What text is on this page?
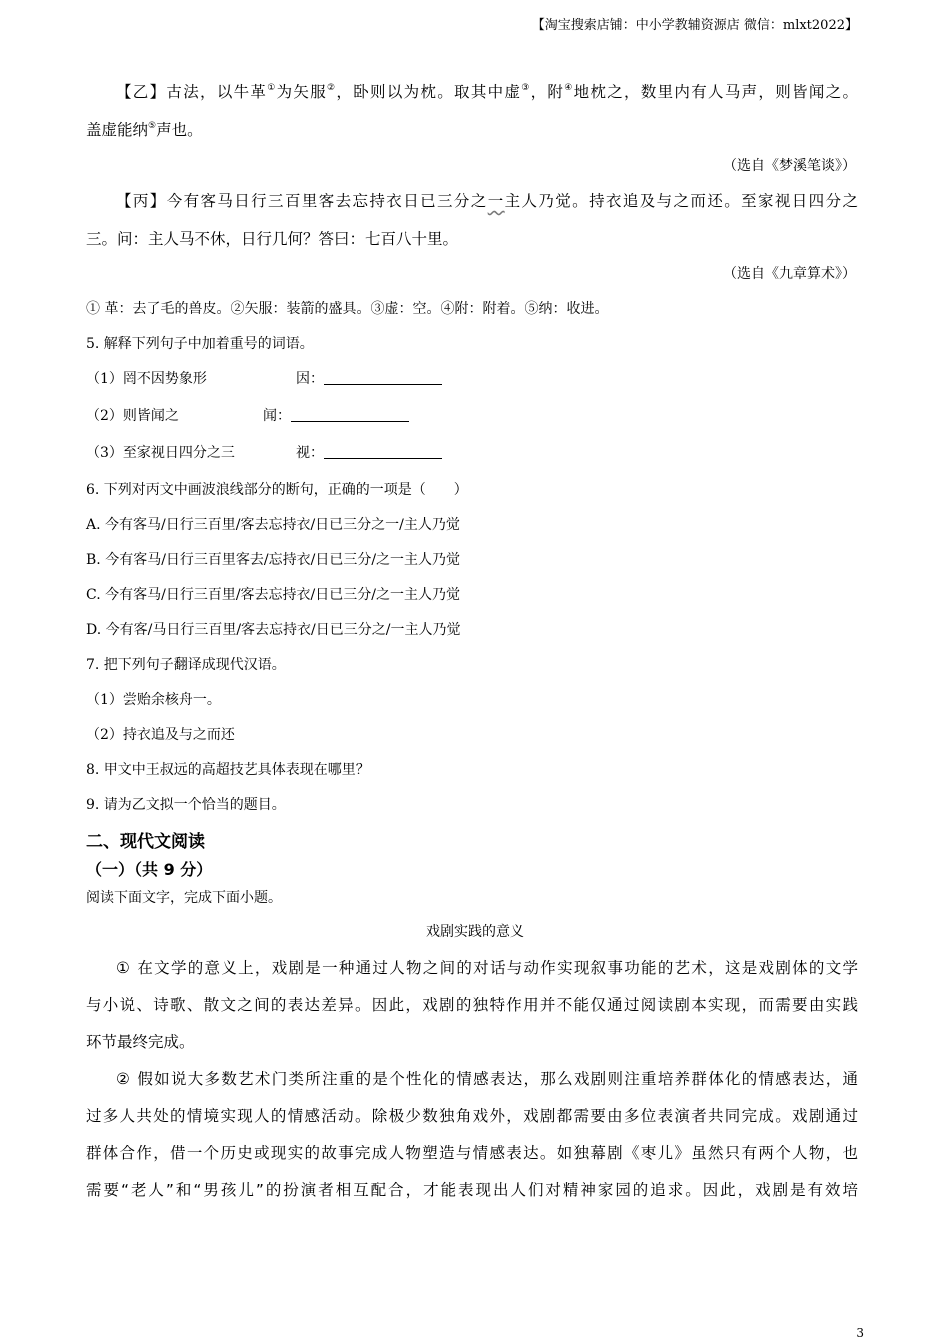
【淘宝搜索店铺：中小学教辅资源店 微信：mlxt2022】
【乙】古法，以牛革①为矢服②，卧则以为枕。取其中虚③，附④地枕之，数里内有人马声，则皆闻之。
盖虚能纳⑤声也。
（选自《梦溪笔谈》）
【丙】今有客马日行三百里客去忘持衣日已三分之一主人乃觉。持衣追及与之而还。至家视日四分之
三。问：主人马不休，日行几何？答曰：七百八十里。
（选自《九章算术》）
① 革：去了毛的兽皮。②矢服：装箭的盛具。③虚：空。④附：附着。⑤纳：收进。
5. 解释下列句子中加着重号的词语。
（1）罔不因势象形	因：
（2）则皆闻之	闻：
（3）至家视日四分之三	视：
6. 下列对丙文中画波浪线部分的断句，正确的一项是（　　）
A. 今有客马/日行三百里/客去忘持衣/日已三分之一/主人乃觉
B. 今有客马/日行三百里客去/忘持衣/日已三分/之一主人乃觉
C. 今有客马/日行三百里/客去忘持衣/日已三分/之一主人乃觉
D. 今有客/马日行三百里/客去忘持衣/日已三分之/一主人乃觉
7. 把下列句子翻译成现代汉语。
（1）尝贻余核舟一。
（2）持衣追及与之而还
8. 甲文中王叔远的高超技艺具体表现在哪里？
9. 请为乙文拟一个恰当的题目。
二、现代文阅读
（一）（共 9 分）
阅读下面文字，完成下面小题。
戏剧实践的意义
① 在文学的意义上，戏剧是一种通过人物之间的对话与动作实现叙事功能的艺术，这是戏剧体的文学
与小说、诗歌、散文之间的表达差异。因此，戏剧的独特作用并不能仅通过阅读剧本实现，而需要由实践
环节最终完成。
② 假如说大多数艺术门类所注重的是个性化的情感表达，那么戏剧则注重培养群体化的情感表达，通
过多人共处的情境实现人的情感活动。除极少数独角戏外，戏剧都需要由多位表演者共同完成。戏剧通过
群体合作，借一个历史或现实的故事完成人物塑造与情感表达。如独幕剧《枣儿》虽然只有两个人物，也
需要“老人”和“男孩儿”的扮演者相互配合，才能表现出人们对精神家园的追求。因此，戏剧是有效培
3
